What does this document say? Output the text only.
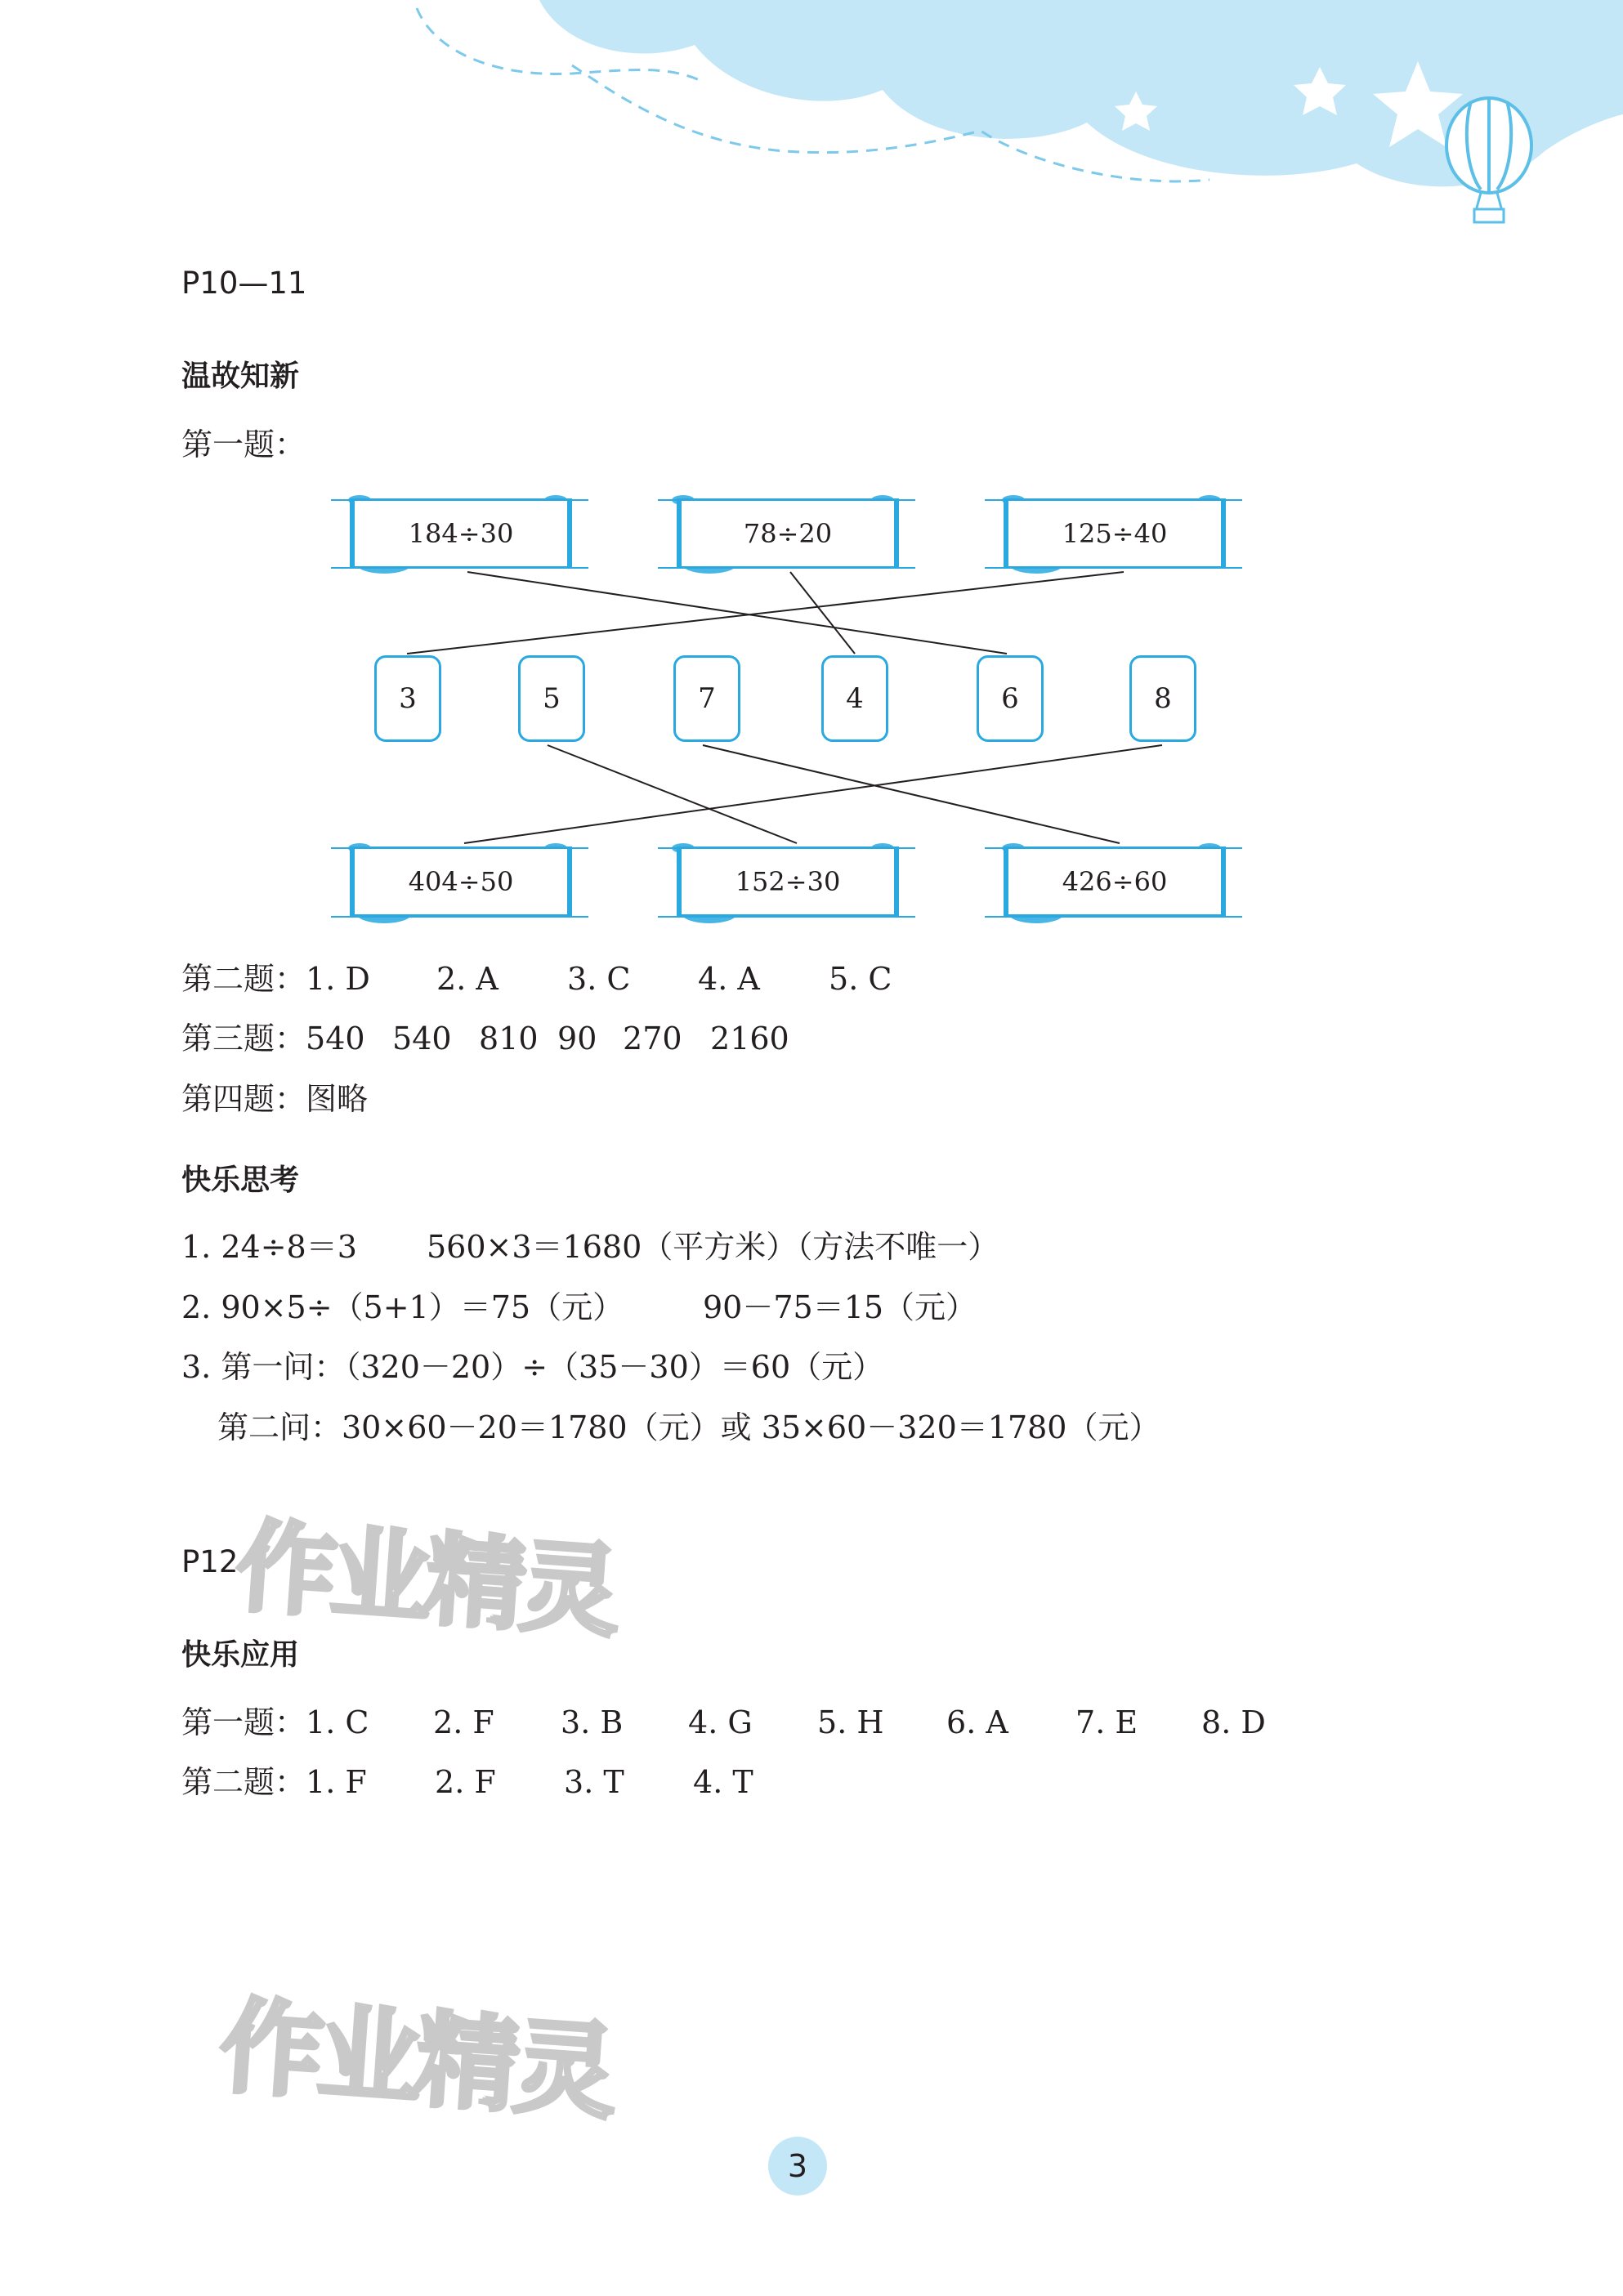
P10—11
温故知新
第一题：
184÷30	78÷20	125÷40
3	5	7	4	6	8
404÷50	152÷30	426÷60
第二题：1. D 2. A 3. C 4. A 5. C
第三题：540 540 810 90 270 2160
第四题：图略
快乐思考
1. 24÷8＝3 560×3＝1680（平方米）（方法不唯一）
2. 90×5÷（5+1）＝75（元）	90－75＝15（元）
3. 第一问：（320－20）÷（35－30）＝60（元）
第二问：30×60－20＝1780（元）或 35×60－320＝1780（元）
作业精灵
作业精灵
P12
快乐应用
第一题：1. C 2. F 3. B 4. G 5. H 6. A 7. E 8. D
第二题：1. F 2. F 3. T 4. T
3
